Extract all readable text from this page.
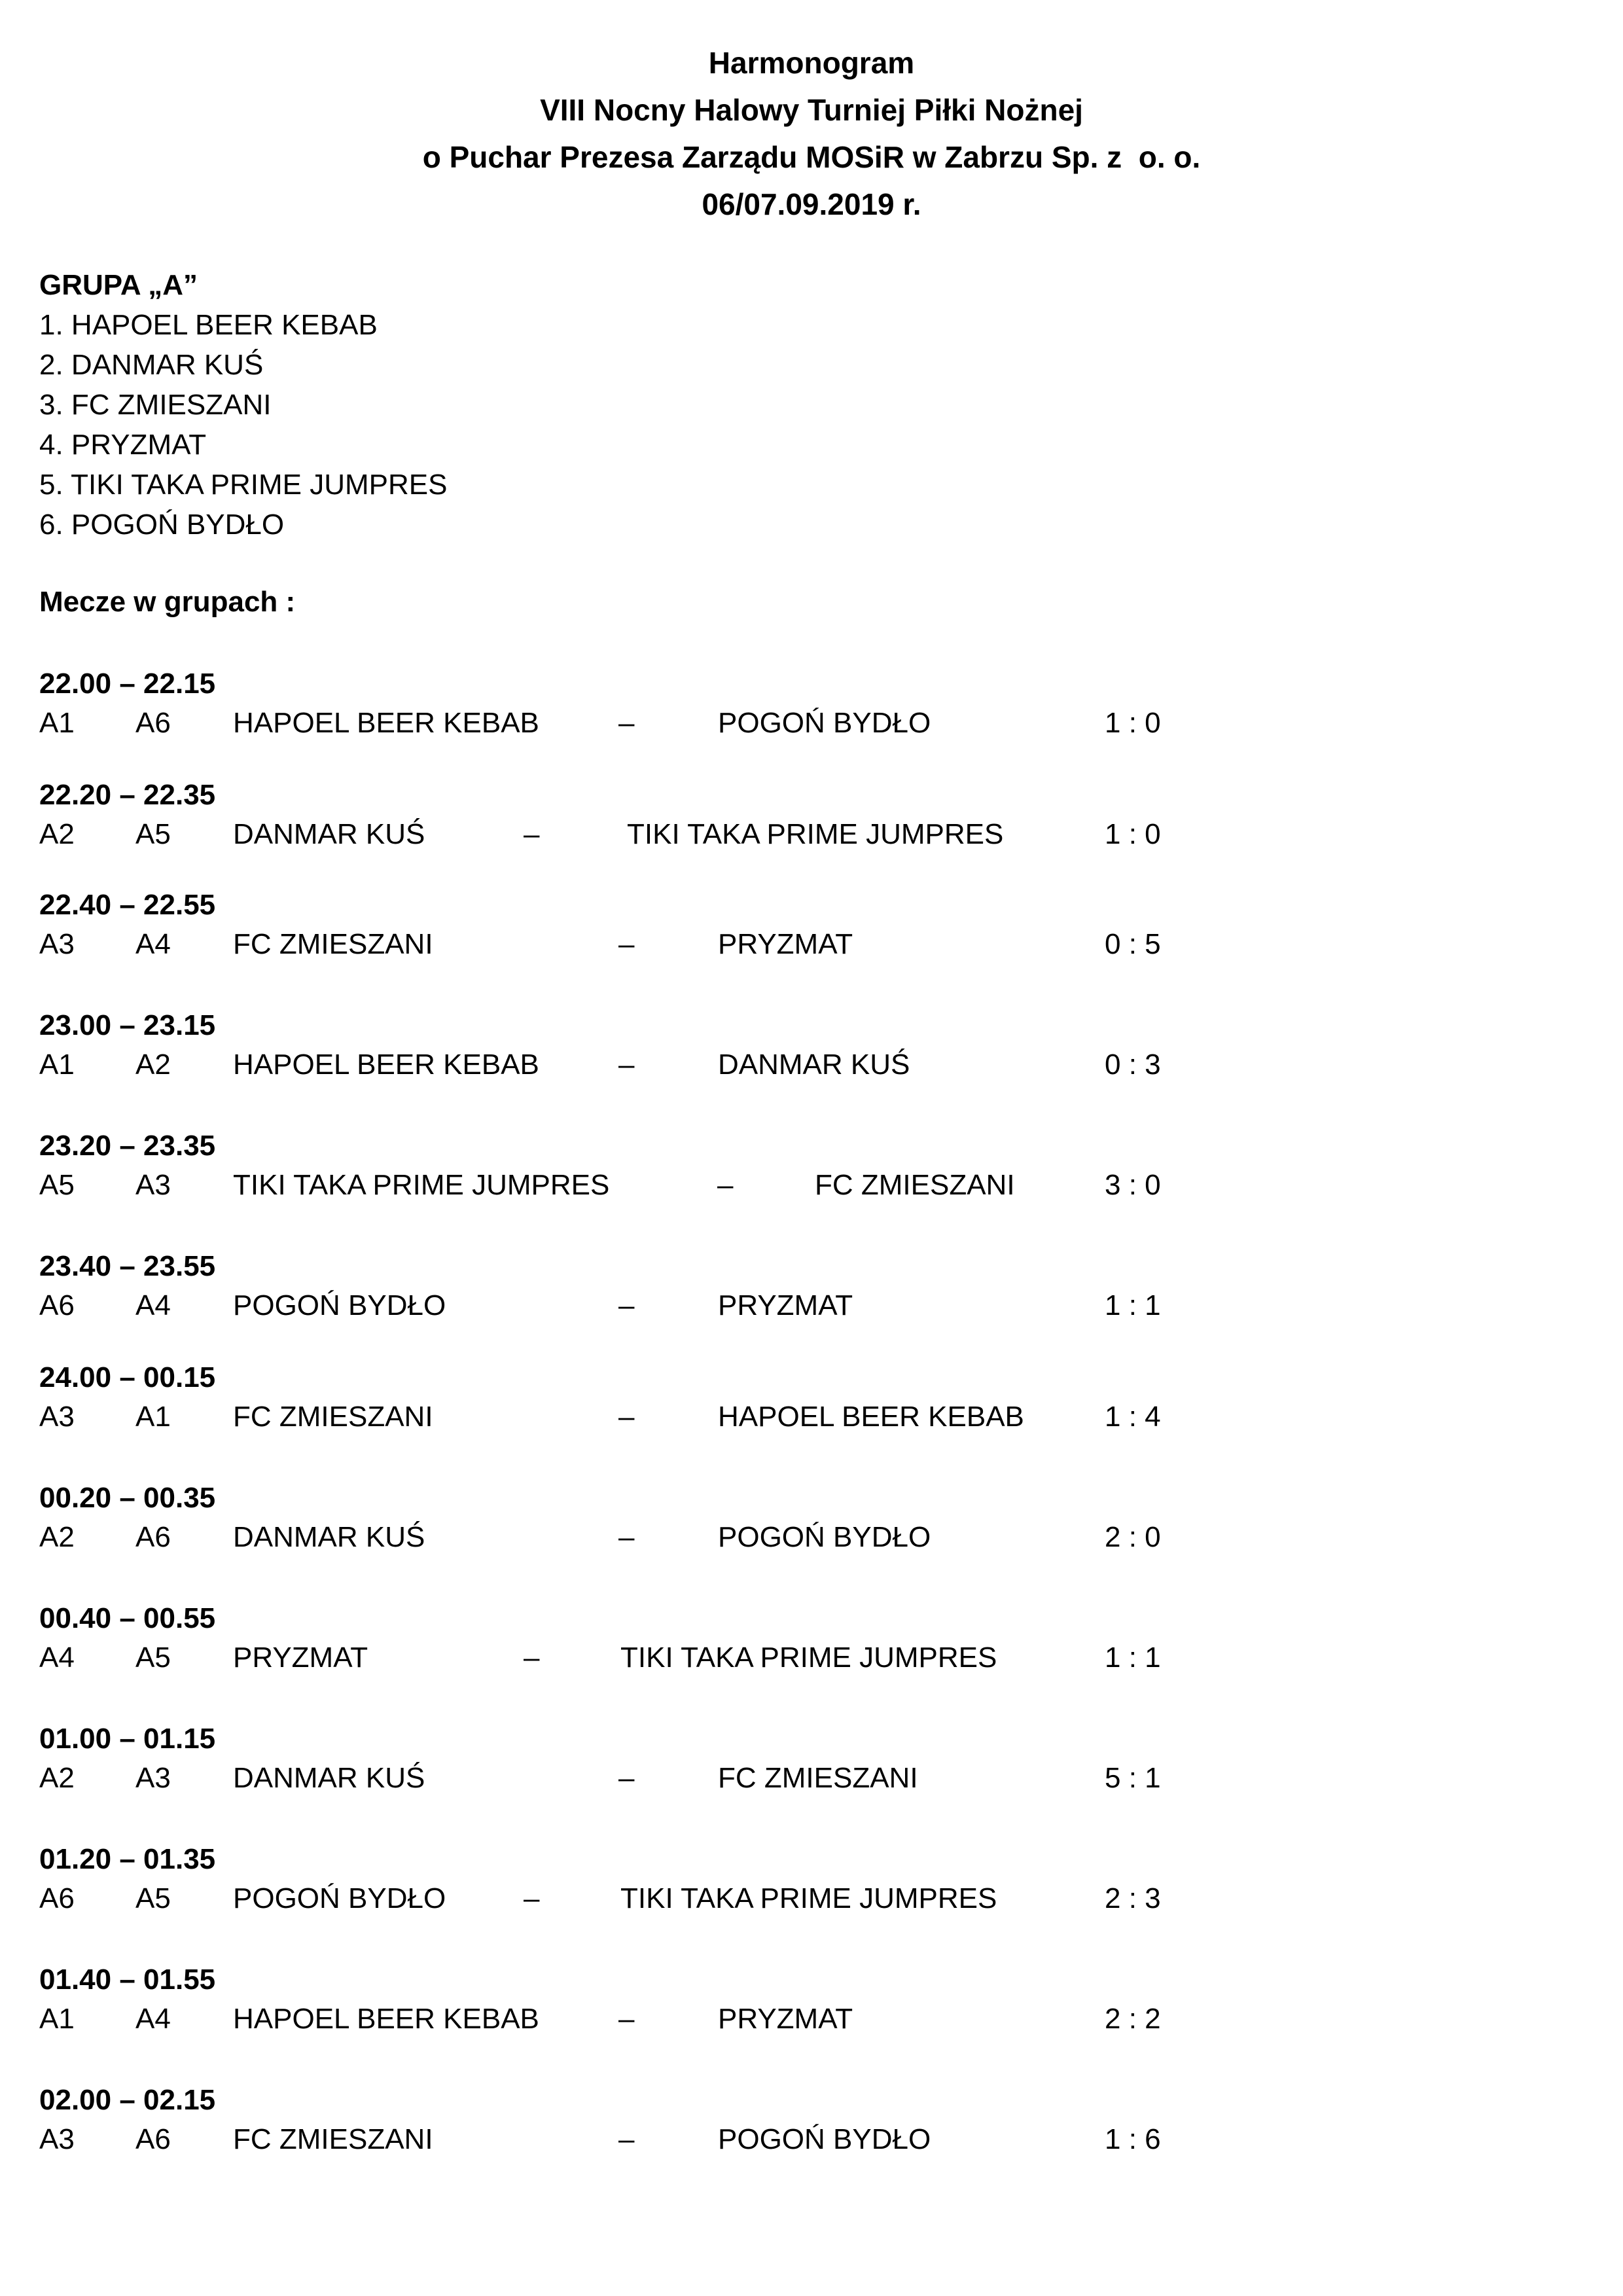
Harmonogram
VIII Nocny Halowy Turniej Piłki Nożnej
o Puchar Prezesa Zarządu MOSiR w Zabrzu Sp. z  o. o.
06/07.09.2019 r.
GRUPA „A”
1. HAPOEL BEER KEBAB
2. DANMAR KUŚ
3. FC ZMIESZANI
4. PRYZMAT
5. TIKI TAKA PRIME JUMPRES
6. POGOŃ BYDŁO
Mecze w grupach :
22.00 – 22.15
A1 A6 HAPOEL BEER KEBAB	–	POGOŃ BYDŁO	1 : 0
22.20 – 22.35
A2 A5 DANMAR KUŚ	–	TIKI TAKA PRIME JUMPRES	1 : 0
22.40 – 22.55
A3 A4 FC ZMIESZANI	–	PRYZMAT	0 : 5
23.00 – 23.15
A1 A2 HAPOEL BEER KEBAB	–	DANMAR KUŚ	0 : 3
23.20 – 23.35
A5 A3 TIKI TAKA PRIME JUMPRES	–	FC ZMIESZANI	3 : 0
23.40 – 23.55
A6 A4 POGOŃ BYDŁO	–	PRYZMAT	1 : 1
24.00 – 00.15
A3 A1 FC ZMIESZANI	–	HAPOEL BEER KEBAB	1 : 4
00.20 – 00.35
A2 A6 DANMAR KUŚ	–	POGOŃ BYDŁO	2 : 0
00.40 – 00.55
A4 A5 PRYZMAT	–	TIKI TAKA PRIME JUMPRES	1 : 1
01.00 – 01.15
A2 A3 DANMAR KUŚ	–	FC ZMIESZANI	5 : 1
01.20 – 01.35
A6 A5 POGOŃ BYDŁO	–	TIKI TAKA PRIME JUMPRES	2 : 3
01.40 – 01.55
A1 A4 HAPOEL BEER KEBAB	–	PRYZMAT	2 : 2
02.00 – 02.15
A3 A6 FC ZMIESZANI	–	POGOŃ BYDŁO	1 : 6
